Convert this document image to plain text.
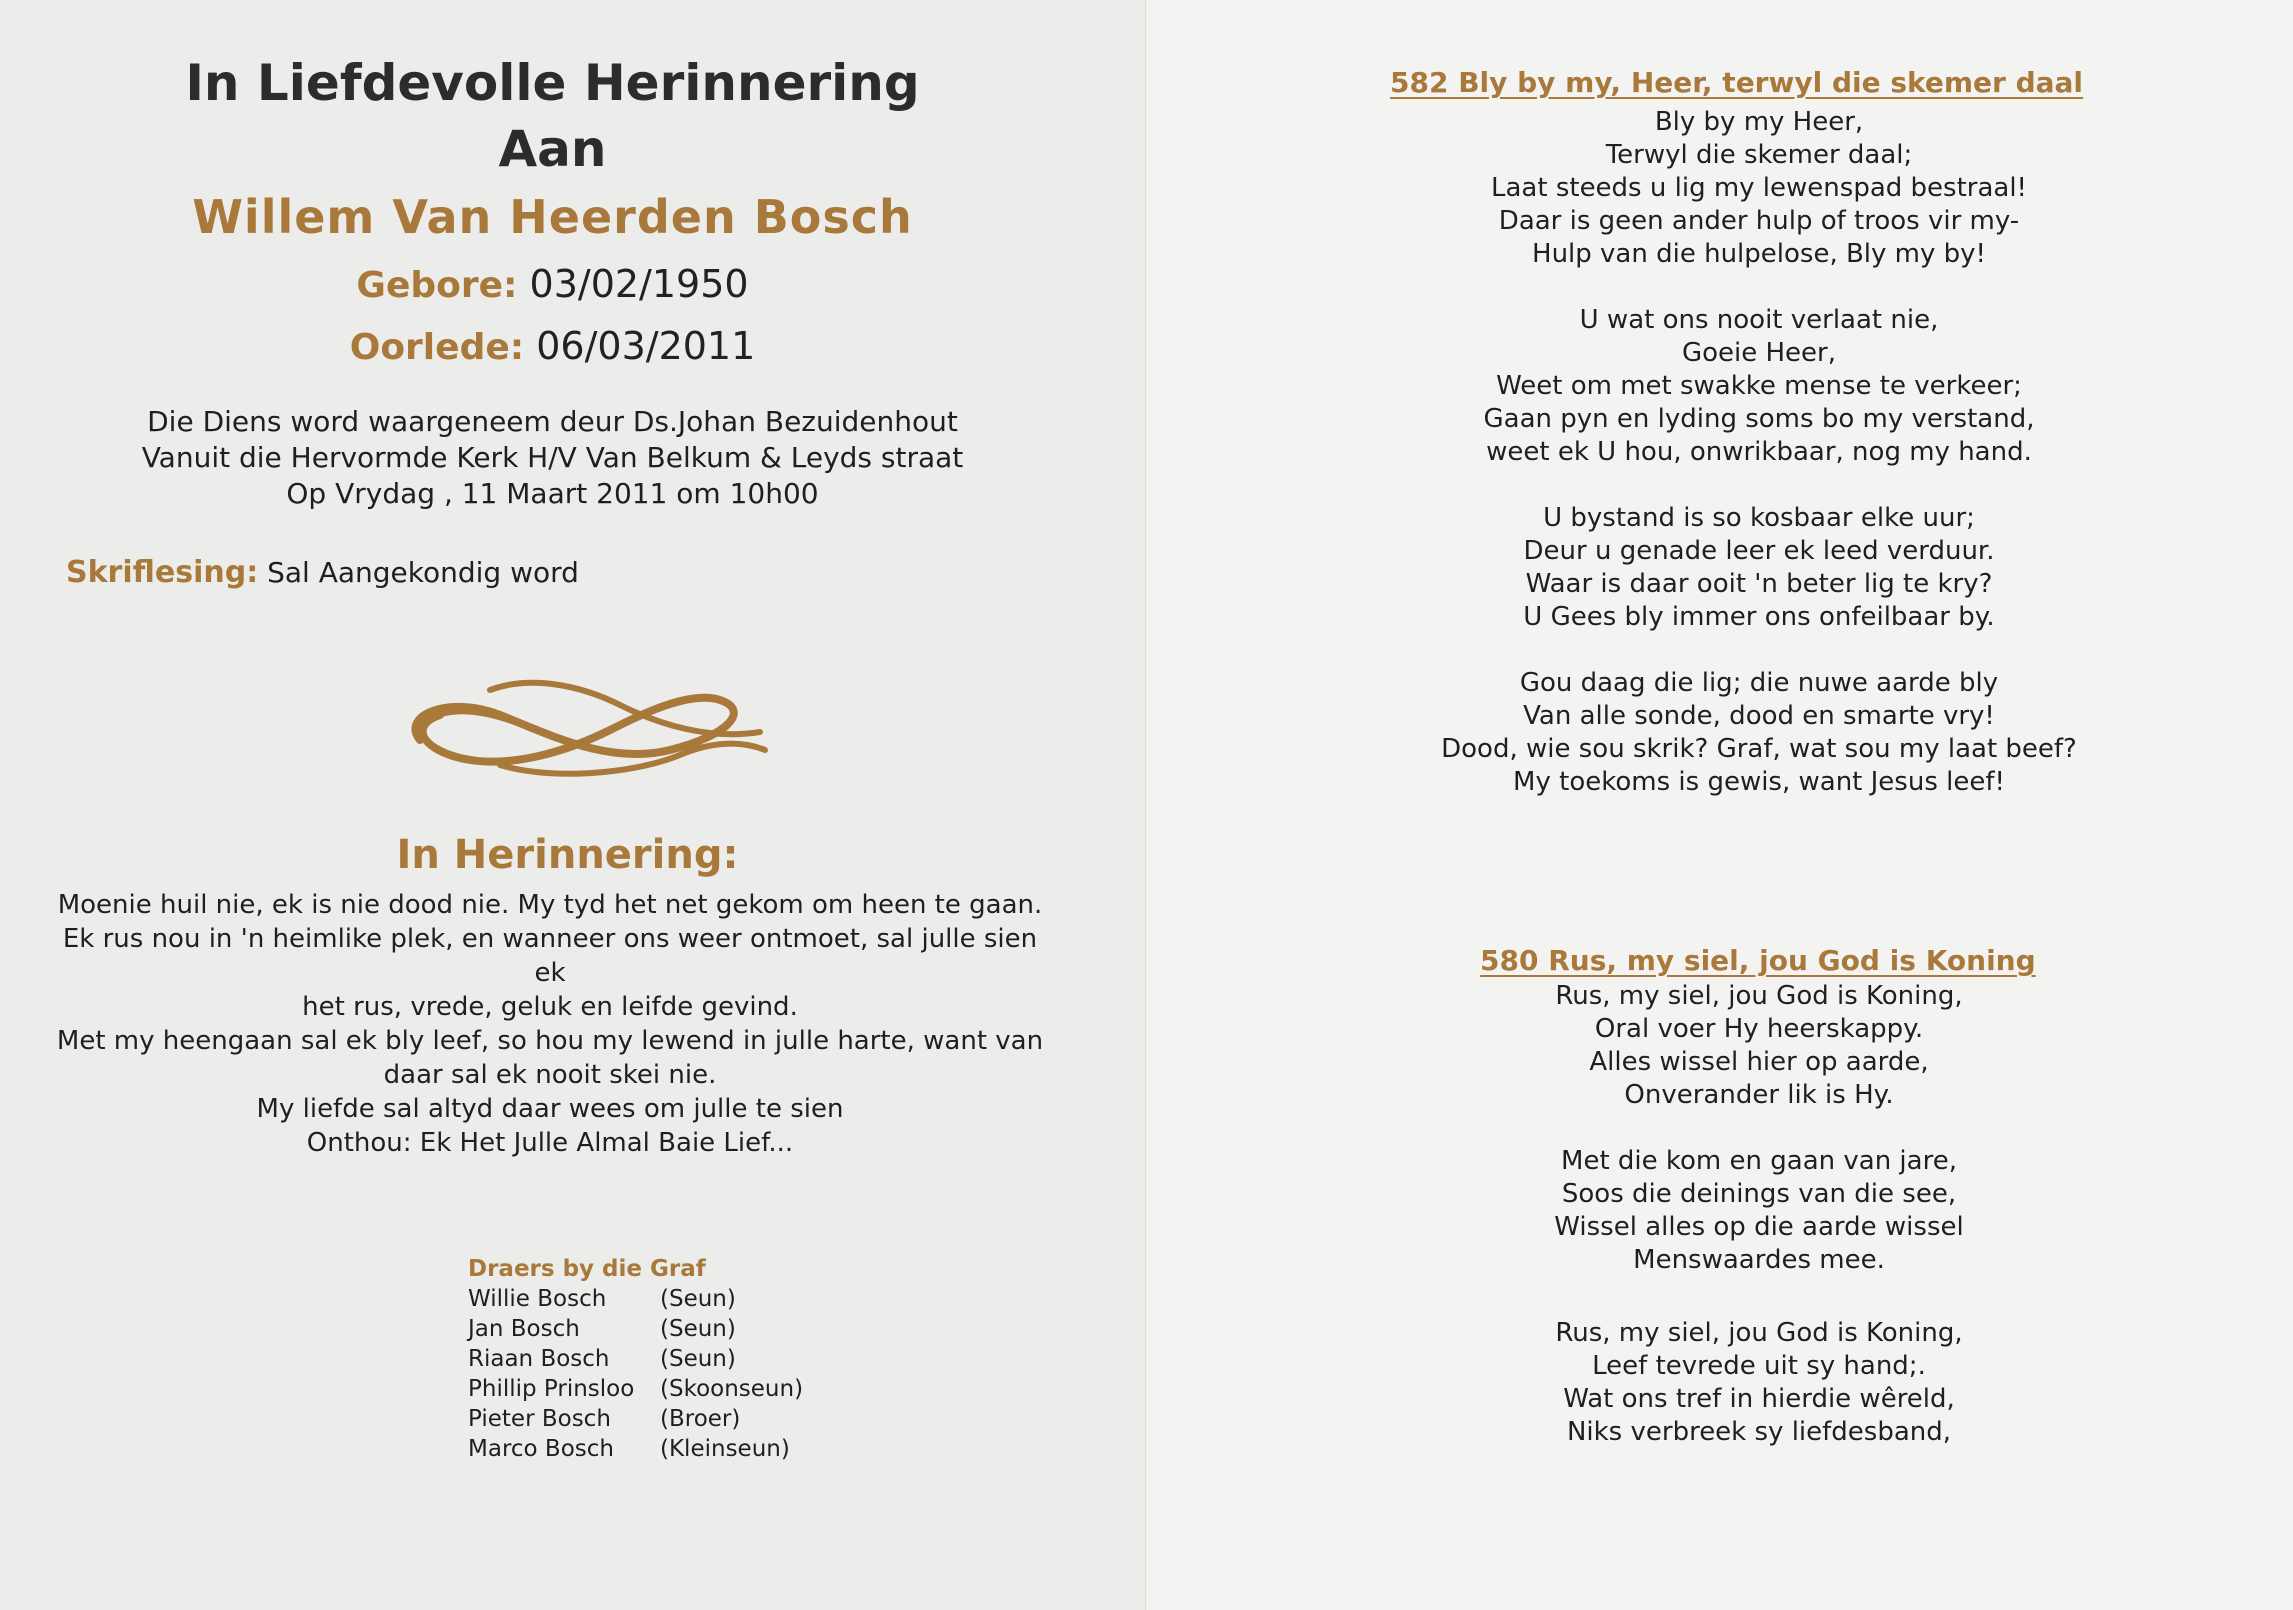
In Liefdevolle Herinnering
Aan
Willem Van Heerden Bosch
Gebore: 03/02/1950
Oorlede: 06/03/2011
Die Diens word waargeneem deur Ds.Johan Bezuidenhout
Vanuit die Hervormde Kerk H/V Van Belkum & Leyds straat
Op Vrydag , 11 Maart 2011 om 10h00
Skriflesing: Sal Aangekondig word
In Herinnering:
Moenie huil nie, ek is nie dood nie. My tyd het net gekom om heen te gaan.
Ek rus nou in 'n heimlike plek, en wanneer ons weer ontmoet, sal julle sien ek
het rus, vrede, geluk en leifde gevind.
Met my heengaan sal ek bly leef, so hou my lewend in julle harte, want van
daar sal ek nooit skei nie.
My liefde sal altyd daar wees om julle te sien
Onthou: Ek Het Julle Almal Baie Lief...
Draers by die Graf
Willie Bosch	(Seun)
Jan Bosch	(Seun)
Riaan Bosch	(Seun)
Phillip Prinsloo	(Skoonseun)
Pieter Bosch	(Broer)
Marco Bosch	(Kleinseun)
582 Bly by my, Heer, terwyl die skemer daal
Bly by my Heer,
Terwyl die skemer daal;
Laat steeds u lig my lewenspad bestraal!
Daar is geen ander hulp of troos vir my-
Hulp van die hulpelose, Bly my by!
U wat ons nooit verlaat nie,
Goeie Heer,
Weet om met swakke mense te verkeer;
Gaan pyn en lyding soms bo my verstand,
weet ek U hou, onwrikbaar, nog my hand.
U bystand is so kosbaar elke uur;
Deur u genade leer ek leed verduur.
Waar is daar ooit 'n beter lig te kry?
U Gees bly immer ons onfeilbaar by.
Gou daag die lig; die nuwe aarde bly
Van alle sonde, dood en smarte vry!
Dood, wie sou skrik? Graf, wat sou my laat beef?
My toekoms is gewis, want Jesus leef!
580 Rus, my siel, jou God is Koning
Rus, my siel, jou God is Koning,
Oral voer Hy heerskappy.
Alles wissel hier op aarde,
Onverander lik is Hy.
Met die kom en gaan van jare,
Soos die deinings van die see,
Wissel alles op die aarde wissel
Menswaardes mee.
Rus, my siel, jou God is Koning,
Leef tevrede uit sy hand;.
Wat ons tref in hierdie wêreld,
Niks verbreek sy liefdesband,
